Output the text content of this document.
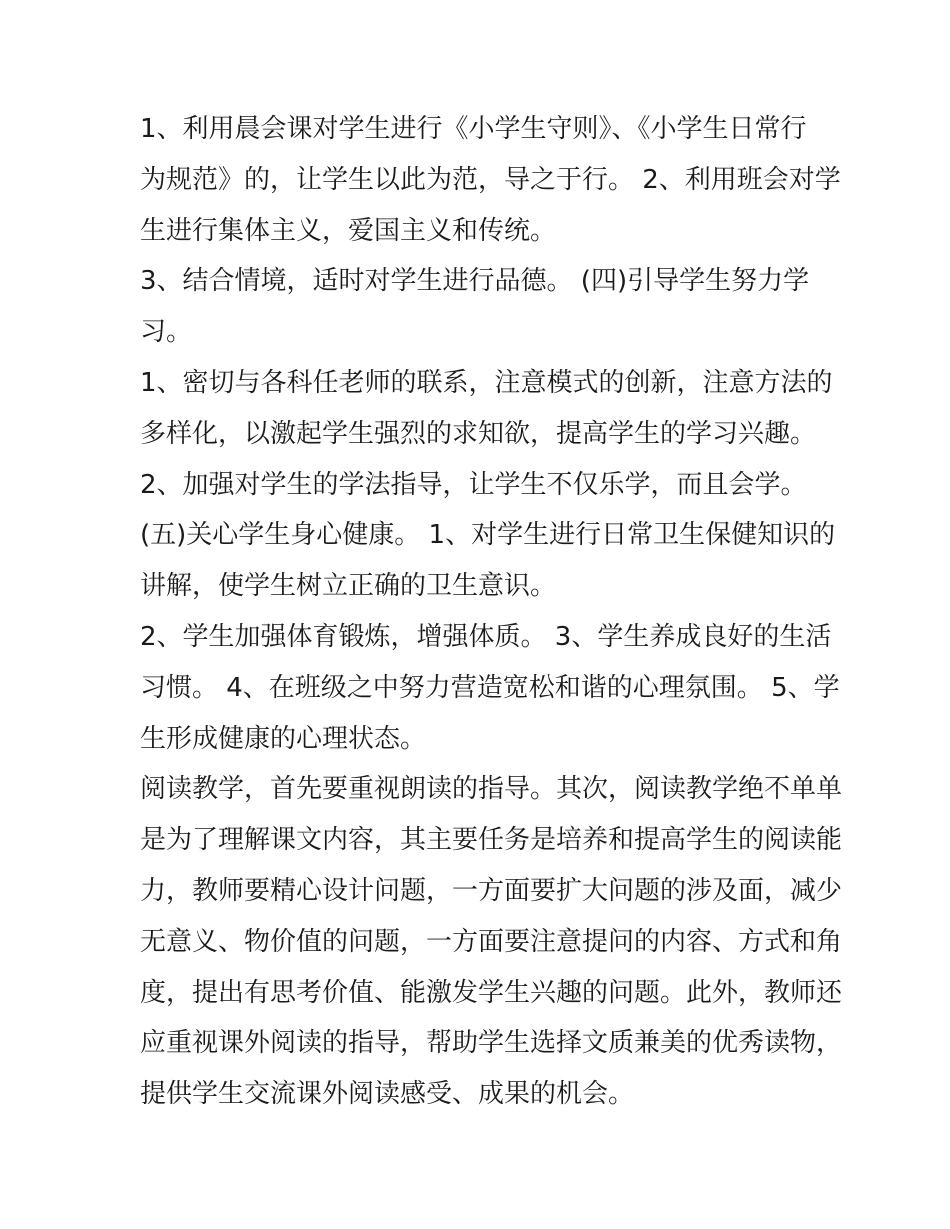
1、利用晨会课对学生进行《小学生守则》、《小学生日常行
为规范》的，让学生以此为范，导之于行。 2、利用班会对学
生进行集体主义，爱国主义和传统。
3、结合情境，适时对学生进行品德。 (四)引导学生努力学
习。
1、密切与各科任老师的联系，注意模式的创新，注意方法的
多样化，以激起学生强烈的求知欲，提高学生的学习兴趣。
2、加强对学生的学法指导，让学生不仅乐学，而且会学。
(五)关心学生身心健康。 1、对学生进行日常卫生保健知识的
讲解，使学生树立正确的卫生意识。
2、学生加强体育锻炼，增强体质。 3、学生养成良好的生活
习惯。 4、在班级之中努力营造宽松和谐的心理氛围。 5、学
生形成健康的心理状态。
阅读教学，首先要重视朗读的指导。其次，阅读教学绝不单单
是为了理解课文内容，其主要任务是培养和提高学生的阅读能
力，教师要精心设计问题，一方面要扩大问题的涉及面，减少
无意义、物价值的问题，一方面要注意提问的内容、方式和角
度，提出有思考价值、能激发学生兴趣的问题。此外，教师还
应重视课外阅读的指导，帮助学生选择文质兼美的优秀读物，
提供学生交流课外阅读感受、成果的机会。
